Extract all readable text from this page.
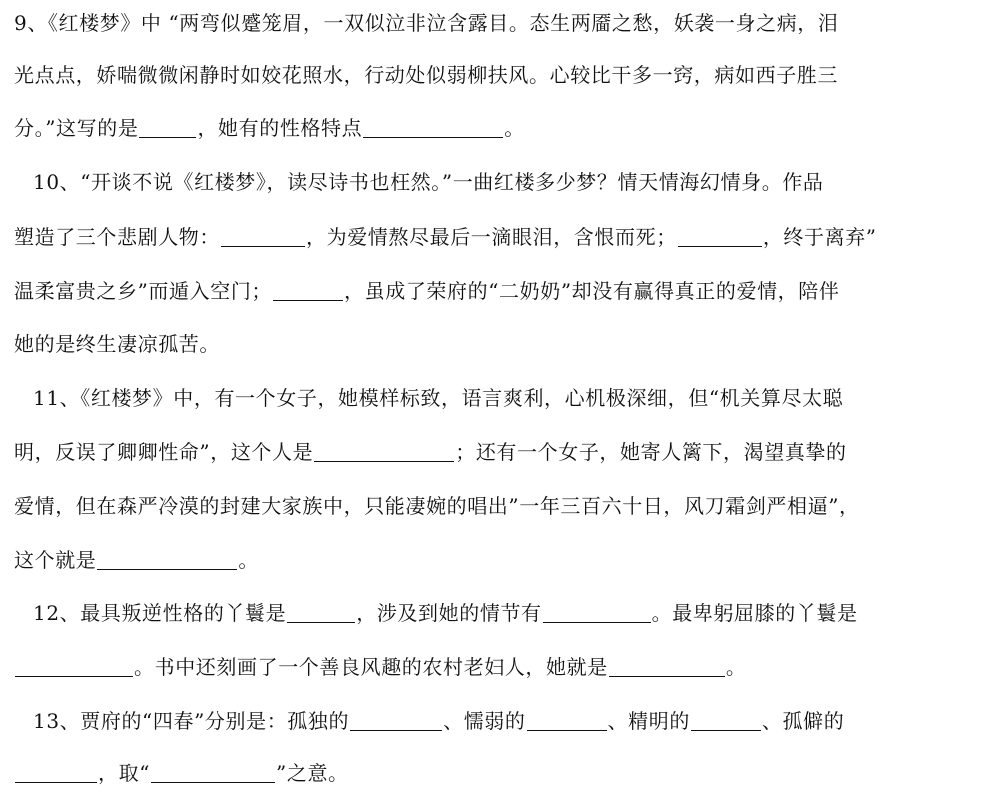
9、《红楼梦》中 “两弯似蹙笼眉，一双似泣非泣含露目。态生两靥之愁，妖袭一身之病，泪
光点点，娇喘微微闲静时如姣花照水，行动处似弱柳扶风。心较比干多一窍，病如西子胜三
分。”这写的是	，她有的性格特点	。
10、“开谈不说《红楼梦》，读尽诗书也枉然。”一曲红楼多少梦？情天情海幻情身。作品
塑造了三个悲剧人物：	，为爱情熬尽最后一滴眼泪，含恨而死；	，终于离弃”
温柔富贵之乡”而遁入空门；	，虽成了荣府的“二奶奶”却没有赢得真正的爱情，陪伴
她的是终生凄凉孤苦。
11、《红楼梦》中，有一个女子，她模样标致，语言爽利，心机极深细，但“机关算尽太聪
明，反误了卿卿性命”，这个人是	；还有一个女子，她寄人篱下，渴望真挚的
爱情，但在森严冷漠的封建大家族中，只能凄婉的唱出”一年三百六十日，风刀霜剑严相逼”，
这个就是	。
12、最具叛逆性格的丫鬟是	，涉及到她的情节有	。最卑躬屈膝的丫鬟是
。书中还刻画了一个善良风趣的农村老妇人，她就是	。
13、贾府的“四春”分别是：孤独的	、懦弱的	、精明的	、孤僻的
，取“	”之意。
